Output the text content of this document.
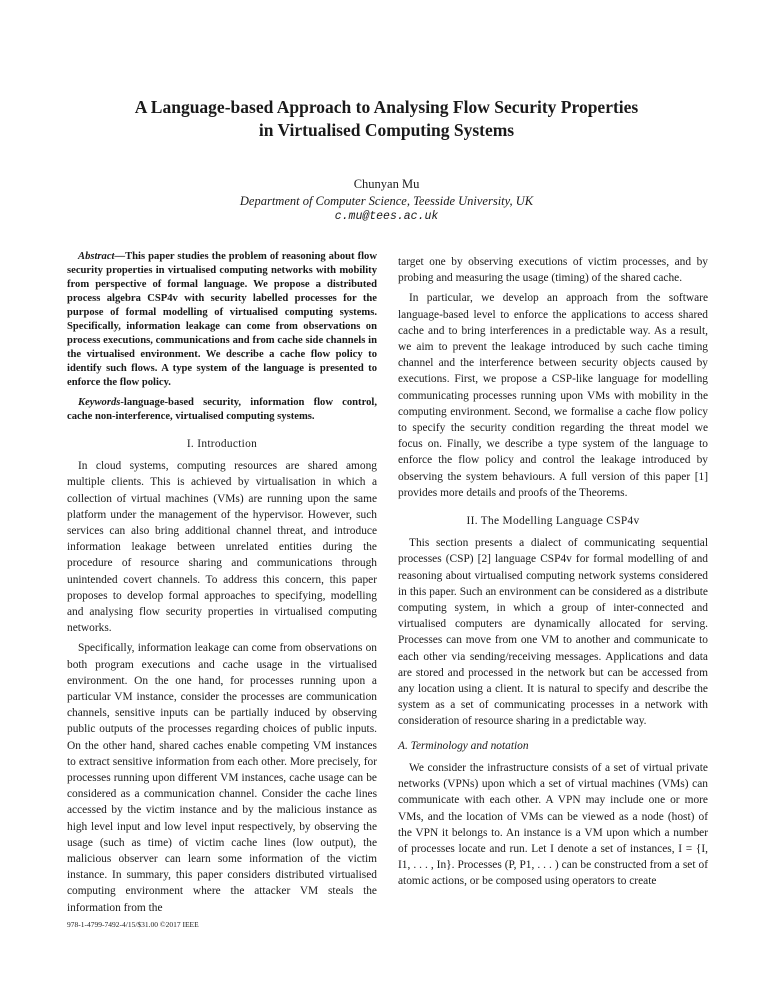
A Language-based Approach to Analysing Flow Security Properties
in Virtualised Computing Systems
Chunyan Mu
Department of Computer Science, Teesside University, UK
c.mu@tees.ac.uk

Abstract—This paper studies the problem of reasoning about flow security properties in virtualised computing networks with mobility from perspective of formal language. We propose a distributed process algebra CSP4v with security labelled processes for the purpose of formal modelling of virtualised computing systems. Specifically, information leakage can come from observations on process executions, communications and from cache side channels in the virtualised environment. We describe a cache flow policy to identify such flows. A type system of the language is presented to enforce the flow policy.

Keywords-language-based security, information flow control, cache non-interference, virtualised computing systems.

I. Introduction

In cloud systems, computing resources are shared among multiple clients. This is achieved by virtualisation in which a collection of virtual machines (VMs) are running upon the same platform under the management of the hypervisor. However, such services can also bring additional channel threat, and introduce information leakage between unrelated entities during the procedure of resource sharing and communications through unintended covert channels. To address this concern, this paper proposes to develop formal approaches to specifying, modelling and analysing flow security properties in virtualised computing networks.

Specifically, information leakage can come from observations on both program executions and cache usage in the virtualised environment. On the one hand, for processes running upon a particular VM instance, consider the processes are communication channels, sensitive inputs can be partially induced by observing public outputs of the processes regarding choices of public inputs. On the other hand, shared caches enable competing VM instances to extract sensitive information from each other. More precisely, for processes running upon different VM instances, cache usage can be considered as a communication channel. Consider the cache lines accessed by the victim instance and by the malicious instance as high level input and low level input respectively, by observing the usage (such as time) of victim cache lines (low output), the malicious observer can learn some information of the victim instance. In summary, this paper considers distributed virtualised computing environment where the attacker VM steals the information from the

target one by observing executions of victim processes, and by probing and measuring the usage (timing) of the shared cache.

In particular, we develop an approach from the software language-based level to enforce the applications to access shared cache and to bring interferences in a predictable way. As a result, we aim to prevent the leakage introduced by such cache timing channel and the interference between security objects caused by executions. First, we propose a CSP-like language for modelling communicating processes running upon VMs with mobility in the computing environment. Second, we formalise a cache flow policy to specify the security condition regarding the threat model we focus on. Finally, we describe a type system of the language to enforce the flow policy and control the leakage introduced by observing the system behaviours. A full version of this paper [1] provides more details and proofs of the Theorems.

II. The Modelling Language CSP4v

This section presents a dialect of communicating sequential processes (CSP) [2] language CSP4v for formal modelling of and reasoning about virtualised computing network systems considered in this paper. Such an environment can be considered as a distribute computing system, in which a group of inter-connected and virtualised computers are dynamically allocated for serving. Processes can move from one VM to another and communicate to each other via sending/receiving messages. Applications and data are stored and processed in the network but can be accessed from any location using a client. It is natural to specify and describe the system as a set of communicating processes in a network with consideration of resource sharing in a predictable way.

A. Terminology and notation

We consider the infrastructure consists of a set of virtual private networks (VPNs) upon which a set of virtual machines (VMs) can communicate with each other. A VPN may include one or more VMs, and the location of VMs can be viewed as a node (host) of the VPN it belongs to. An instance is a VM upon which a number of processes locate and run. Let I denote a set of instances, I = {I, I1, . . . , In}. Processes (P, P1, . . . ) can be constructed from a set of atomic actions, or be composed using operators to create

978-1-4799-7492-4/15/$31.00 ©2017 IEEE
